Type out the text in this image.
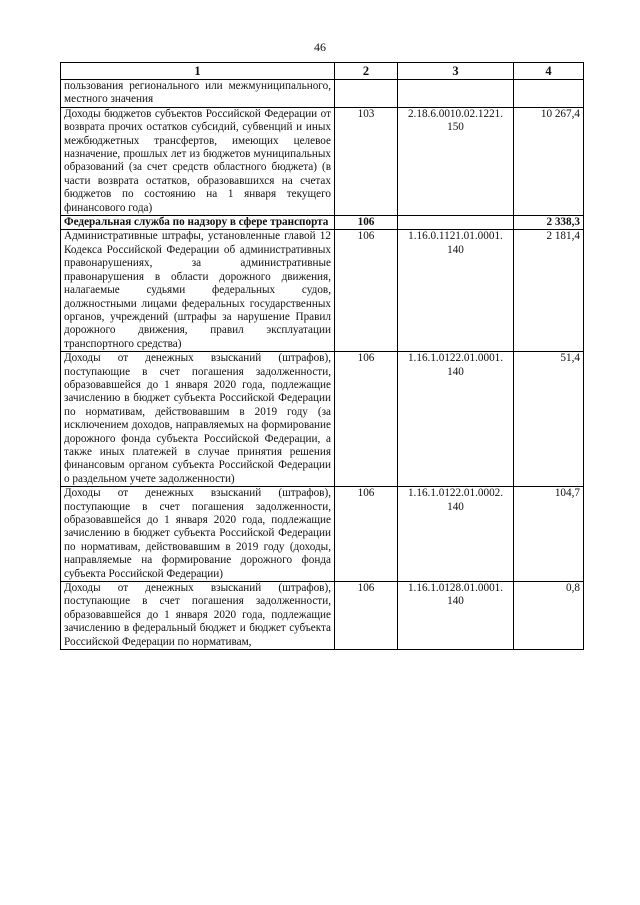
46
1	2	3	4
пользования регионального или межмуниципального, местного значения			
Доходы бюджетов субъектов Российской Федерации от возврата прочих остатков субсидий, субвенций и иных межбюджетных трансфертов, имеющих целевое назначение, прошлых лет из бюджетов муниципальных образований (за счет средств областного бюджета) (в части возврата остатков, образовавшихся на счетах бюджетов по состоянию на 1 января текущего финансового года)	103	2.18.6.0010.02.1221. 150	10 267,4
Федеральная служба по надзору в сфере транспорта	106		2 338,3
Административные штрафы, установленные главой 12 Кодекса Российской Федерации об административных правонарушениях, за административные правонарушения в области дорожного движения, налагаемые судьями федеральных судов, должностными лицами федеральных государственных органов, учреждений (штрафы за нарушение Правил дорожного движения, правил эксплуатации транспортного средства)	106	1.16.0.1121.01.0001. 140	2 181,4
Доходы от денежных взысканий (штрафов), поступающие в счет погашения задолженности, образовавшейся до 1 января 2020 года, подлежащие зачислению в бюджет субъекта Российской Федерации по нормативам, действовавшим в 2019 году (за исключением доходов, направляемых на формирование дорожного фонда субъекта Российской Федерации, а также иных платежей в случае принятия решения финансовым органом субъекта Российской Федерации о раздельном учете задолженности)	106	1.16.1.0122.01.0001. 140	51,4
Доходы от денежных взысканий (штрафов), поступающие в счет погашения задолженности, образовавшейся до 1 января 2020 года, подлежащие зачислению в бюджет субъекта Российской Федерации по нормативам, действовавшим в 2019 году (доходы, направляемые на формирование дорожного фонда субъекта Российской Федерации)	106	1.16.1.0122.01.0002. 140	104,7
Доходы от денежных взысканий (штрафов), поступающие в счет погашения задолженности, образовавшейся до 1 января 2020 года, подлежащие зачислению в федеральный бюджет и бюджет субъекта Российской Федерации по нормативам,	106	1.16.1.0128.01.0001. 140	0,8
